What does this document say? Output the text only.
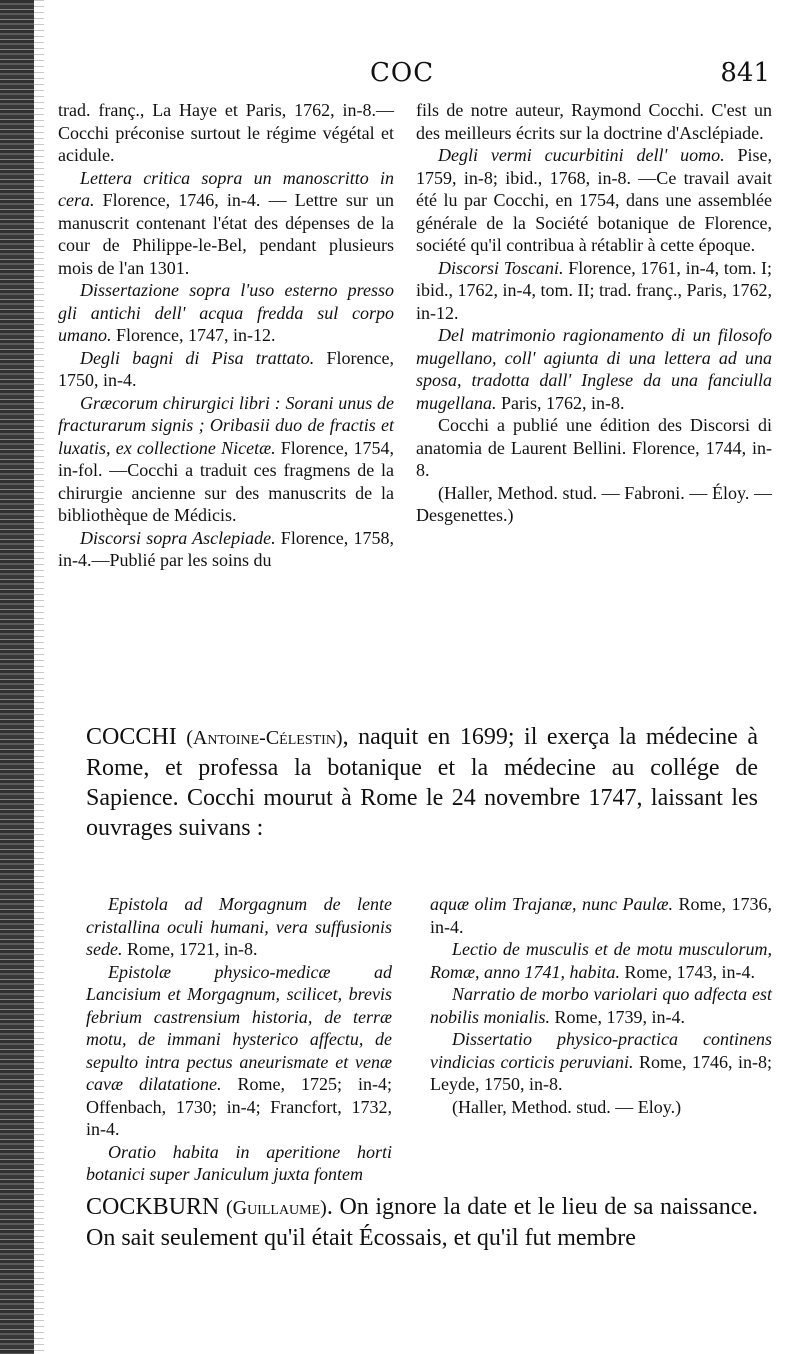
COC	841

trad. franç., La Haye et Paris, 1762, in-8.—Cocchi préconise surtout le régime végétal et acidule.

Lettera critica sopra un manoscritto in cera. Florence, 1746, in-4. — Lettre sur un manuscrit contenant l'état des dépenses de la cour de Philippe-le-Bel, pendant plusieurs mois de l'an 1301.

Dissertazione sopra l'uso esterno presso gli antichi dell' acqua fredda sul corpo umano. Florence, 1747, in-12.

Degli bagni di Pisa trattato. Florence, 1750, in-4.

Græcorum chirurgici libri : Sorani unus de fracturarum signis ; Oribasii duo de fractis et luxatis, ex collectione Nicetæ. Florence, 1754, in-fol. —Cocchi a traduit ces fragmens de la chirurgie ancienne sur des manuscrits de la bibliothèque de Médicis.

Discorsi sopra Asclepiade. Florence, 1758, in-4.—Publié par les soins du

fils de notre auteur, Raymond Cocchi. C'est un des meilleurs écrits sur la doctrine d'Asclépiade.

Degli vermi cucurbitini dell' uomo. Pise, 1759, in-8; ibid., 1768, in-8. —Ce travail avait été lu par Cocchi, en 1754, dans une assemblée générale de la Société botanique de Florence, société qu'il contribua à rétablir à cette époque.

Discorsi Toscani. Florence, 1761, in-4, tom. I; ibid., 1762, in-4, tom. II; trad. franç., Paris, 1762, in-12.

Del matrimonio ragionamento di un filosofo mugellano, coll' agiunta di una lettera ad una sposa, tradotta dall' Inglese da una fanciulla mugellana. Paris, 1762, in-8.

Cocchi a publié une édition des Discorsi di anatomia de Laurent Bellini. Florence, 1744, in-8.

(Haller, Method. stud. — Fabroni. — Éloy. — Desgenettes.)

COCCHI (Antoine-Célestin), naquit en 1699; il exerça la médecine à Rome, et professa la botanique et la médecine au collége de Sapience. Cocchi mourut à Rome le 24 novembre 1747, laissant les ouvrages suivans :

Epistola ad Morgagnum de lente cristallina oculi humani, vera suffusionis sede. Rome, 1721, in-8.

Epistolæ physico-medicæ ad Lancisium et Morgagnum, scilicet, brevis febrium castrensium historia, de terræ motu, de immani hysterico affectu, de sepulto intra pectus aneurismate et venæ cavæ dilatatione. Rome, 1725; in-4; Offenbach, 1730; in-4; Francfort, 1732, in-4.

Oratio habita in aperitione horti botanici super Janiculum juxta fontem

aquæ olim Trajanæ, nunc Paulæ. Rome, 1736, in-4.

Lectio de musculis et de motu musculorum, Romæ, anno 1741, habita. Rome, 1743, in-4.

Narratio de morbo variolari quo adfecta est nobilis monialis. Rome, 1739, in-4.

Dissertatio physico-practica continens vindicias corticis peruviani. Rome, 1746, in-8; Leyde, 1750, in-8.

(Haller, Method. stud. — Eloy.)

COCKBURN (Guillaume). On ignore la date et le lieu de sa naissance. On sait seulement qu'il était Écossais, et qu'il fut membre
